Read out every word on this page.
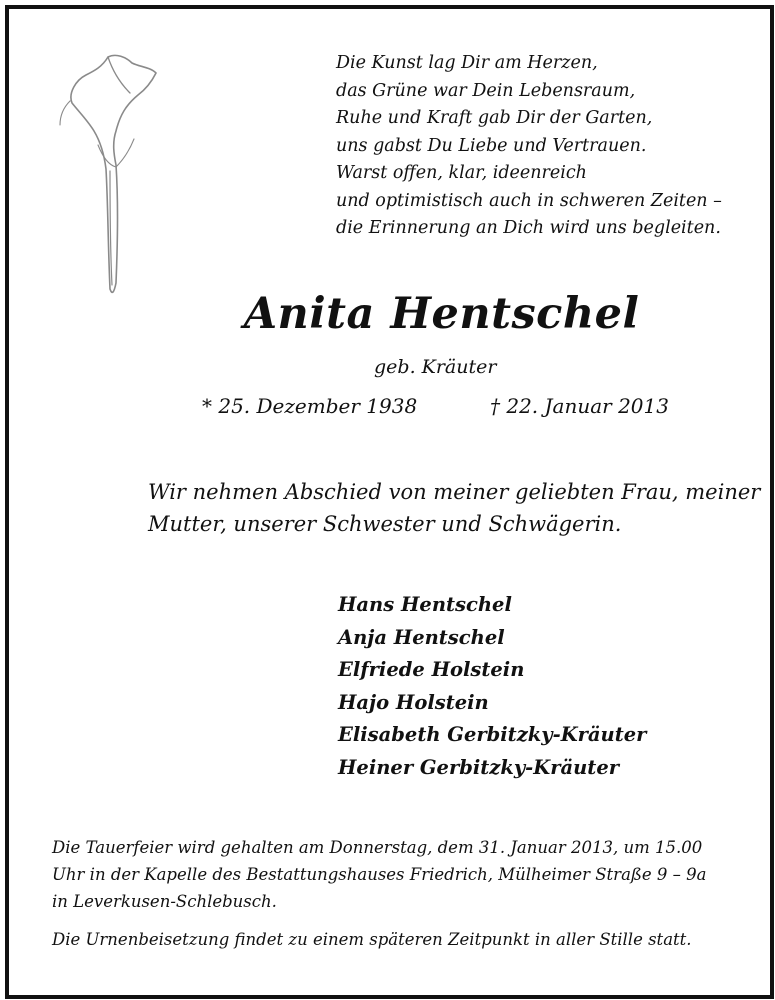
Die Kunst lag Dir am Herzen,
das Grüne war Dein Lebensraum,
Ruhe und Kraft gab Dir der Garten,
uns gabst Du Liebe und Vertrauen.
Warst offen, klar, ideenreich
und optimistisch auch in schweren Zeiten –
die Erinnerung an Dich wird uns begleiten.
Anita Hentschel
geb. Kräuter
* 25. Dezember 1938	† 22. Januar 2013
Wir nehmen Abschied von meiner geliebten Frau, meiner
Mutter, unserer Schwester und Schwägerin.
Hans Hentschel
Anja Hentschel
Elfriede Holstein
Hajo Holstein
Elisabeth Gerbitzky-Kräuter
Heiner Gerbitzky-Kräuter
Die Tauerfeier wird gehalten am Donnerstag, dem 31. Januar 2013, um 15.00
Uhr in der Kapelle des Bestattungshauses Friedrich, Mülheimer Straße 9 – 9a
in Leverkusen-Schlebusch.
Die Urnenbeisetzung findet zu einem späteren Zeitpunkt in aller Stille statt.
